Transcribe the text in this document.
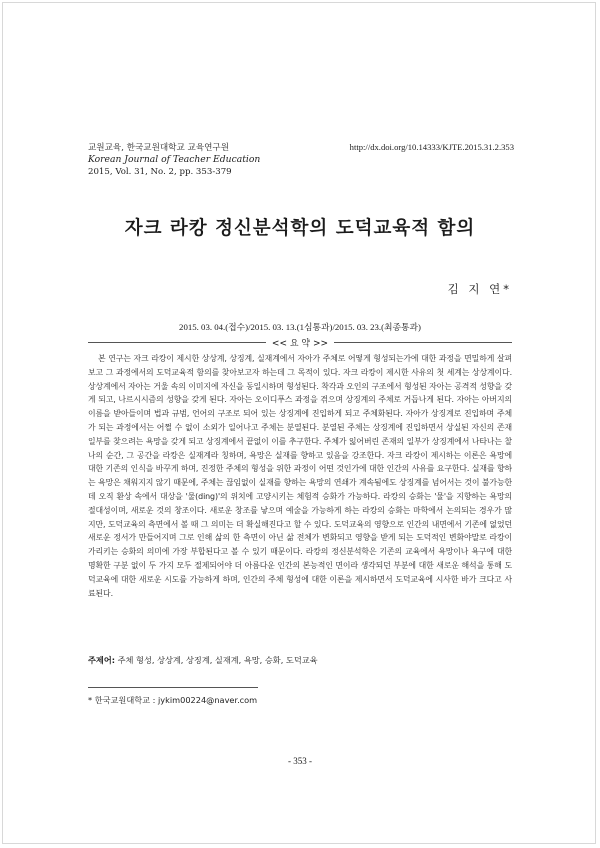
교원교육, 한국교원대학교 교육연구원
Korean Journal of Teacher Education
2015, Vol. 31, No. 2, pp. 353-379
http://dx.doi.org/10.14333/KJTE.2015.31.2.353
자크 라캉 정신분석학의 도덕교육적 함의
김 지 연*
2015. 03. 04.(접수)/2015. 03. 13.(1심통과)/2015. 03. 23.(최종통과)
<< 요 약 >>
본 연구는 자크 라캉이 제시한 상상계, 상징계, 실재계에서 자아가 주체로 어떻게 형성되는가에 대한 과정을 면밀하게 살펴보고 그 과정에서의 도덕교육적 함의를 찾아보고자 하는데 그 목적이 있다. 자크 라캉이 제시한 사유의 첫 세계는 상상계이다. 상상계에서 자아는 거울 속의 이미지에 자신을 동일시하며 형성된다. 착각과 오인의 구조에서 형성된 자아는 공격적 성향을 갖게 되고, 나르시시즘의 성향을 갖게 된다. 자아는 오이디푸스 과정을 겪으며 상징계의 주체로 거듭나게 된다. 자아는 아버지의 이름을 받아들이며 법과 규범, 언어의 구조로 되어 있는 상징계에 진입하게 되고 주체화된다. 자아가 상징계로 진입하며 주체가 되는 과정에서는 어쩔 수 없이 소외가 일어나고 주체는 분열된다. 분열된 주체는 상징계에 진입하면서 상실된 자신의 존재 일부를 찾으려는 욕망을 갖게 되고 상징계에서 끝없이 이를 추구한다. 주체가 잃어버린 존재의 일부가 상징계에서 나타나는 찰나의 순간, 그 공간을 라캉은 실재계라 칭하며, 욕망은 실재를 향하고 있음을 강조한다. 자크 라캉이 제시하는 이론은 욕망에 대한 기존의 인식을 바꾸게 하며, 진정한 주체의 형성을 위한 과정이 어떤 것인가에 대한 인간의 사유를 요구한다. 실재를 향하는 욕망은 채워지지 않기 때문에, 주체는 끊임없이 실재를 향하는 욕망의 연쇄가 계속됨에도 상징계를 넘어서는 것이 불가능한데 오직 환상 속에서 대상을 '물(ding)'의 위치에 고양시키는 체험적 승화가 가능하다. 라캉의 승화는 '물'을 지향하는 욕망의 절대성이며, 새로운 것의 창조이다. 새로운 창조를 낳으며 예술을 가능하게 하는 라캉의 승화는 마학에서 논의되는 경우가 많지만, 도덕교육의 측면에서 볼 때 그 의미는 더 확실해진다고 할 수 있다. 도덕교육의 영향으로 인간의 내면에서 기존에 없었던 새로운 정서가 만들어지며 그로 인해 삶의 한 측면이 아닌 삶 전체가 변화되고 영향을 받게 되는 도덕적인 변화야말로 라캉이 가리키는 승화의 의미에 가장 부합된다고 볼 수 있기 때문이다. 라캉의 정신분석학은 기존의 교육에서 욕망이나 욕구에 대한 명확한 구분 없이 두 가지 모두 절제되어야 더 아름다운 인간의 본능적인 면이라 생각되던 부분에 대한 새로운 해석을 통해 도덕교육에 대한 새로운 시도를 가능하게 하며, 인간의 주체 형성에 대한 이론을 제시하면서 도덕교육에 시사한 바가 크다고 사료된다.
주제어: 주체 형성, 상상계, 상징계, 실재계, 욕망, 승화, 도덕교육
* 한국교원대학교 : jykim00224@naver.com
- 353 -
